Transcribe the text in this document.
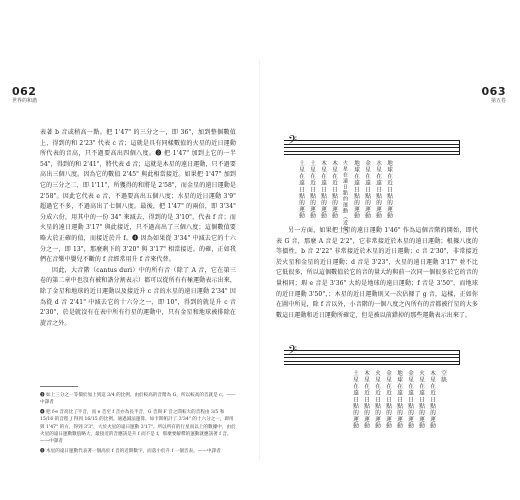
062
世界的和諧

表著 b 音或稍高一點。把 1'47" 的三分之一，即 36"，加到整個數值上，得到的和 2'23" 代表 c 音；這就是具有同樣數值的火星的近日運動所代表的音高，只不過要高出四個八度。❸ 把 1'47" 加到上它的一半 54"，得到的和 2'41"，將代表 d 音；這就是木星的遠日運動，只不過要高出三個八度。因為它的數值 2'45" 與此相當接近。如果把 1'47" 加到它的三分之二，即 1'11"，所獲得的和將是 2'58"，而金星的遠日運動是 2'58"。因此它代表 e 音，不過要高出五個八度；水星的近日運動 3'9" 超過它不多，不過高出了七個八度。最後，把 1'47" 的兩倍，即 3'34" 分成六份，用其中的一份 34" 來減去，得到的是 3'10"，代表 f 音；而火星的遠日運動 3'17" 與此接近，只不過高出了三個八度；這個數值要略大於正確的值，而接近於升 f。❹ 因為如果從 3'34" 中減去它的十六分之一，即 13"，那麼剩下的 3'20" 與 3'17" 相當接近。的確，正如我們在音樂中嬰兒不斷的 f 音經常用升 f 音來代替。

因此，大音階（cantus duri）中的所有音（除了 A 音，它在第三卷的第二章中也沒有被和諧分割表示）都可以從所有有極運動表示出來，除了金星和地球的近日運動以及接近升 c 音的水星的遠日運動 2'34" 因為從 d 音 2'41" 中減去它的十六分之一，即 10"，得到的就是升 c 音 2'30"，於是就沒有在表中所有行星的運動中，只有金星和地球被排除在旋音之外。

❸ 如上三分之一等價於加上到這 3/4 的比例，由於較高的音階為 G，所以較高的音就是 c。——中譯者

❹ 把 f-e 音高比了半音，而 e 音至 f 音亦為長半音，G 音與 F 音之間較大的音程由 3/5 和 15/16 的音程 ∫ 得到 16/15 的比例。通過減法運算，如卡斯帕計了 3'34" 的十六分之一，即用與 1'47" 的方，得到 3'3"，大於火星的遠日運動 3'17"。所以所有的行星而以上的數據中，由於火星的遠日運動數值略大，最接近的音應該是升 f 而不是 f，那麼要解釋的運動就應該著 f 音。——中譯者

❺ 木星的遠日運動代表著一個高於 f 音的近期數字，而落小於升 f 一個音表。——中譯者

063
第五卷
𝄢
土星在遠日點的運動 土星在近日點的運動 木星在遠日點的運動 木星在近日點的運動	火星在遠日點的運動（近似） 地球在遠日點的運動 金星在遠日點的運動 水星在遠日點的運動 地球在近日點的運動

另一方面，如果把土星的遠日運動 1'46" 作為這個音階的開始，即代表 G 音，那麼 A 音是 2'2"，它非常接近於木星的遠日運動；根據八度的等價性，b 音 2'22" 非常接近於木星的近日運動；c 音 2'30"，非常接近於火星和金星的近日運動；d 音是 3'23"，火星的遠日運動 3'17" 並不比它低很多，所以這個數值於它的音的量大約與前一次同一個很多於它的音的量相同；瑕 e 音是 3'36" 大約是地球的遠日運動；f 音是 3'50"，而地球的近日運動 3'50"，；木星的近日運動則又一次佔據了 g 音，這樣，正如你在圖中所見，除 f 音以外，小音階的一個八度之內所有的音都被行星的大多數這日運動和近日運動所確定，但是被以前錯掉的那些運動表示出來了。

𝄢
土星在遠日點的運動 木星在近日點的運動 火星在近日點的運動 金星在近日點的運動 地球在遠日點的運動 金星在遠日點的運動 火星在遠日點的運動 木星在近日點的運動 空缺
